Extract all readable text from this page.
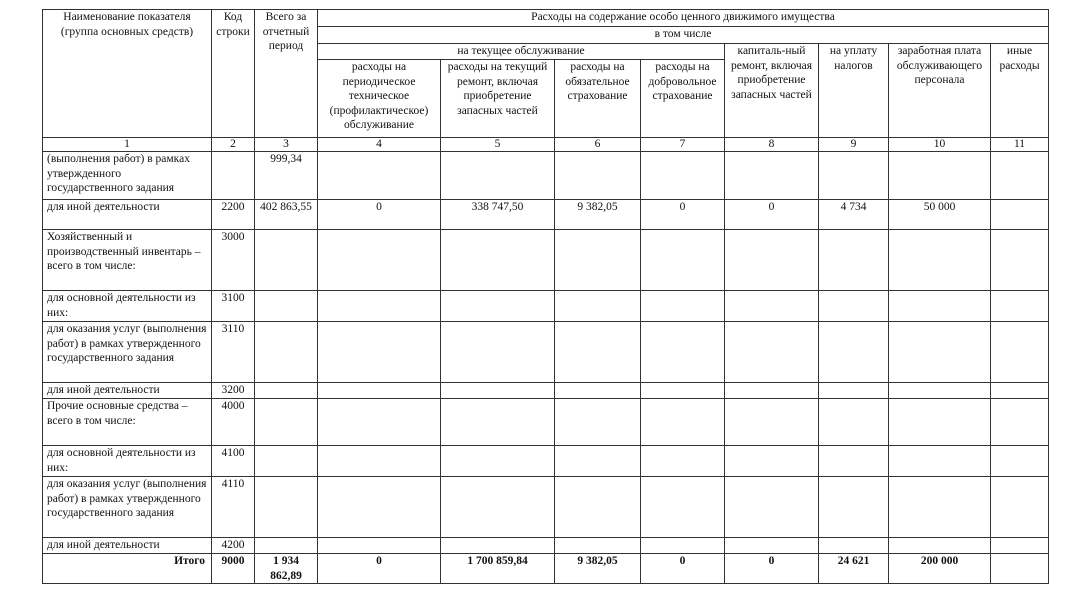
Наименование показателя (группа основных средств)	Код строки	Всего за отчетный период	Расходы на содержание особо ценного движимого имущества							
			в том числе							
			на текущее обслуживание				капиталь-ный ремонт, включая приобретение запасных частей	на уплату налогов	заработная плата обслуживающего персонала	иные расходы
			расходы на периодическое техническое (профилактическое) обслуживание	расходы на текущий ремонт, включая приобретение запасных частей	расходы на обязательное страхование	расходы на добровольное страхование				
1	2	3	4	5	6	7	8	9	10	11
(выполнения работ) в рамках утвержденного государственного задания		999,34								
для иной деятельности	2200	402 863,55	0	338 747,50	9 382,05	0	0	4 734	50 000	
Хозяйственный и производственный инвентарь – всего в том числе:	3000									
для основной деятельности из них:	3100									
для оказания услуг (выполнения работ) в рамках утвержденного государственного задания	3110									
для иной деятельности	3200									
Прочие основные средства – всего в том числе:	4000									
для основной деятельности из них:	4100									
для оказания услуг (выполнения работ) в рамках утвержденного государственного задания	4110									
для иной деятельности	4200									
Итого	9000	1 934 862,89	0	1 700 859,84	9 382,05	0	0	24 621	200 000	
